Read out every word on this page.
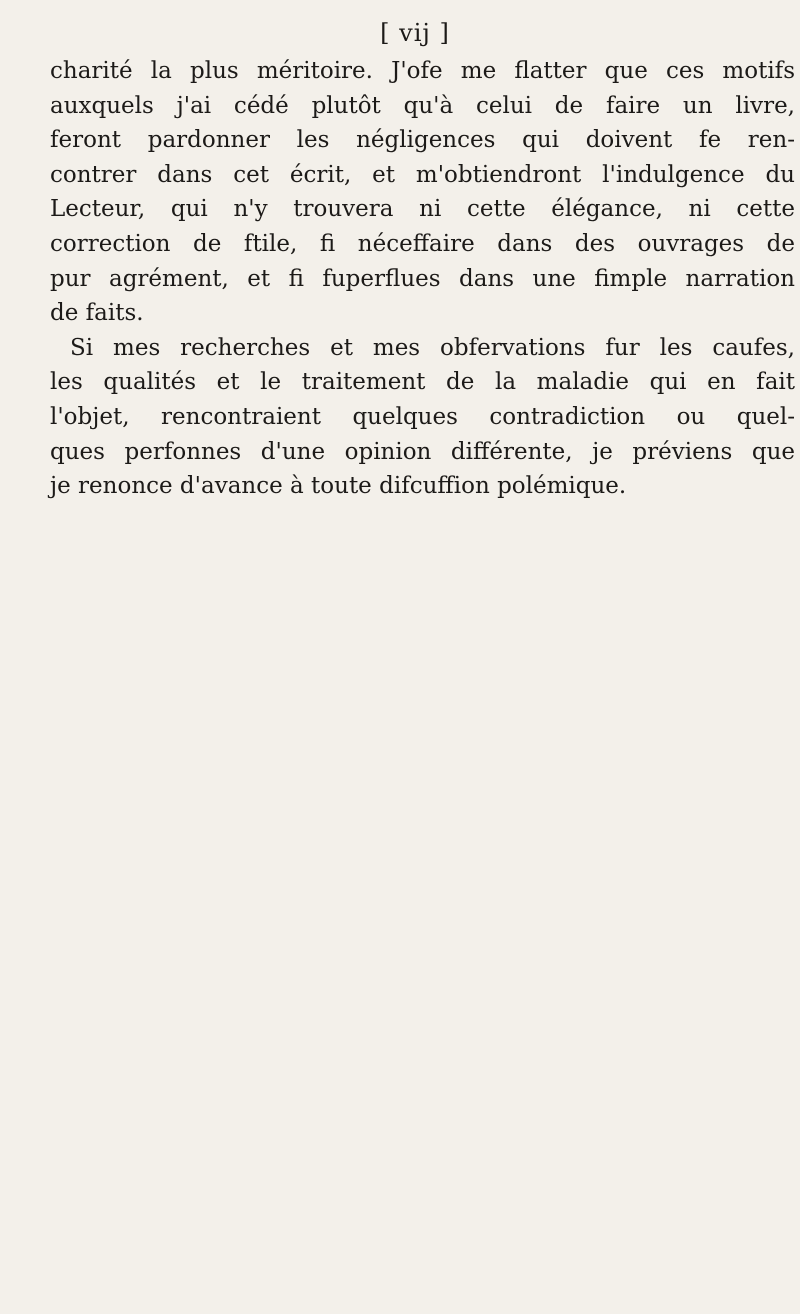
[ vij ]
charité la plus méritoire. J'ofe me flatter que ces motifs
auxquels j'ai cédé plutôt qu'à celui de faire un livre,
feront pardonner les négligences qui doivent fe ren-
contrer dans cet écrit, et m'obtiendront l'indulgence du
Lecteur, qui n'y trouvera ni cette élégance, ni cette
correction de ftile, fi néceffaire dans des ouvrages de
pur agrément, et fi fuperflues dans une fimple narration
de faits.
Si mes recherches et mes obfervations fur les caufes,
les qualités et le traitement de la maladie qui en fait
l'objet, rencontraient quelques contradiction ou quel-
ques perfonnes d'une opinion différente, je préviens que
je renonce d'avance à toute difcuffion polémique.
